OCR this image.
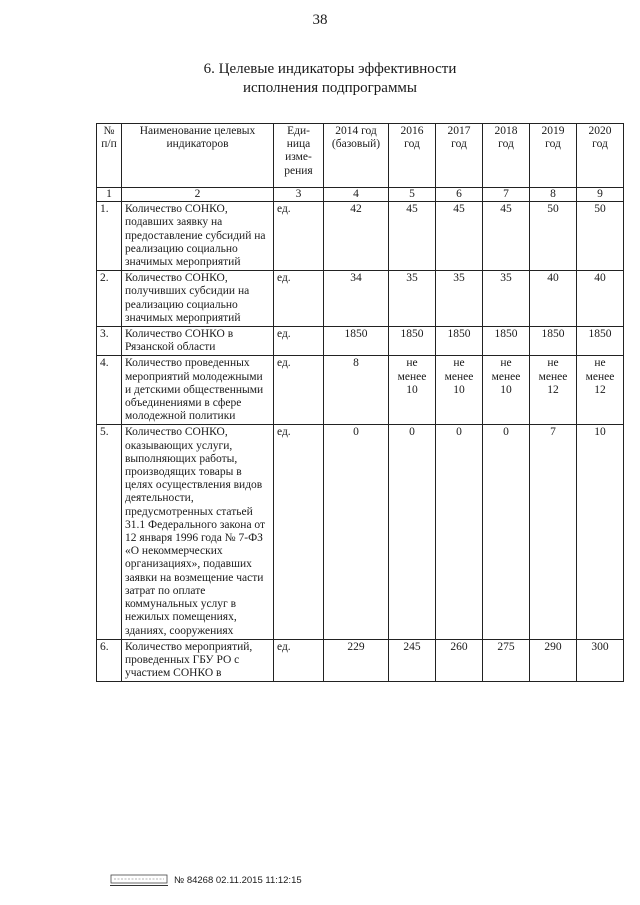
38
6. Целевые индикаторы эффективности
исполнения подпрограммы
№ п/п	Наименование целевых индикаторов	Еди- ница изме- рения	2014 год (базовый)	2016 год	2017 год	2018 год	2019 год	2020 год
1	2	3	4	5	6	7	8	9
1.	Количество СОНКО, подавших заявку на предоставление субсидий на реализацию социально значимых мероприятий	ед.	42	45	45	45	50	50
2.	Количество СОНКО, получивших субсидии на реализацию социально значимых мероприятий	ед.	34	35	35	35	40	40
3.	Количество СОНКО в Рязанской области	ед.	1850	1850	1850	1850	1850	1850
4.	Количество проведенных мероприятий молодежными и детскими общественными объединениями в сфере молодежной политики	ед.	8	не менее 10	не менее 10	не менее 10	не менее 12	не менее 12
5.	Количество СОНКО, оказывающих услуги, выполняющих работы, производящих товары в целях осуществления видов деятельности, предусмотренных статьей 31.1 Федерального закона от 12 января 1996 года № 7-ФЗ «О некоммерческих организациях», подавших заявки на возмещение части затрат по оплате коммунальных услуг в нежилых помещениях, зданиях, сооружениях	ед.	0	0	0	0	7	10
6.	Количество мероприятий, проведенных ГБУ РО с участием СОНКО в	ед.	229	245	260	275	290	300
№ 84268 02.11.2015 11:12:15
